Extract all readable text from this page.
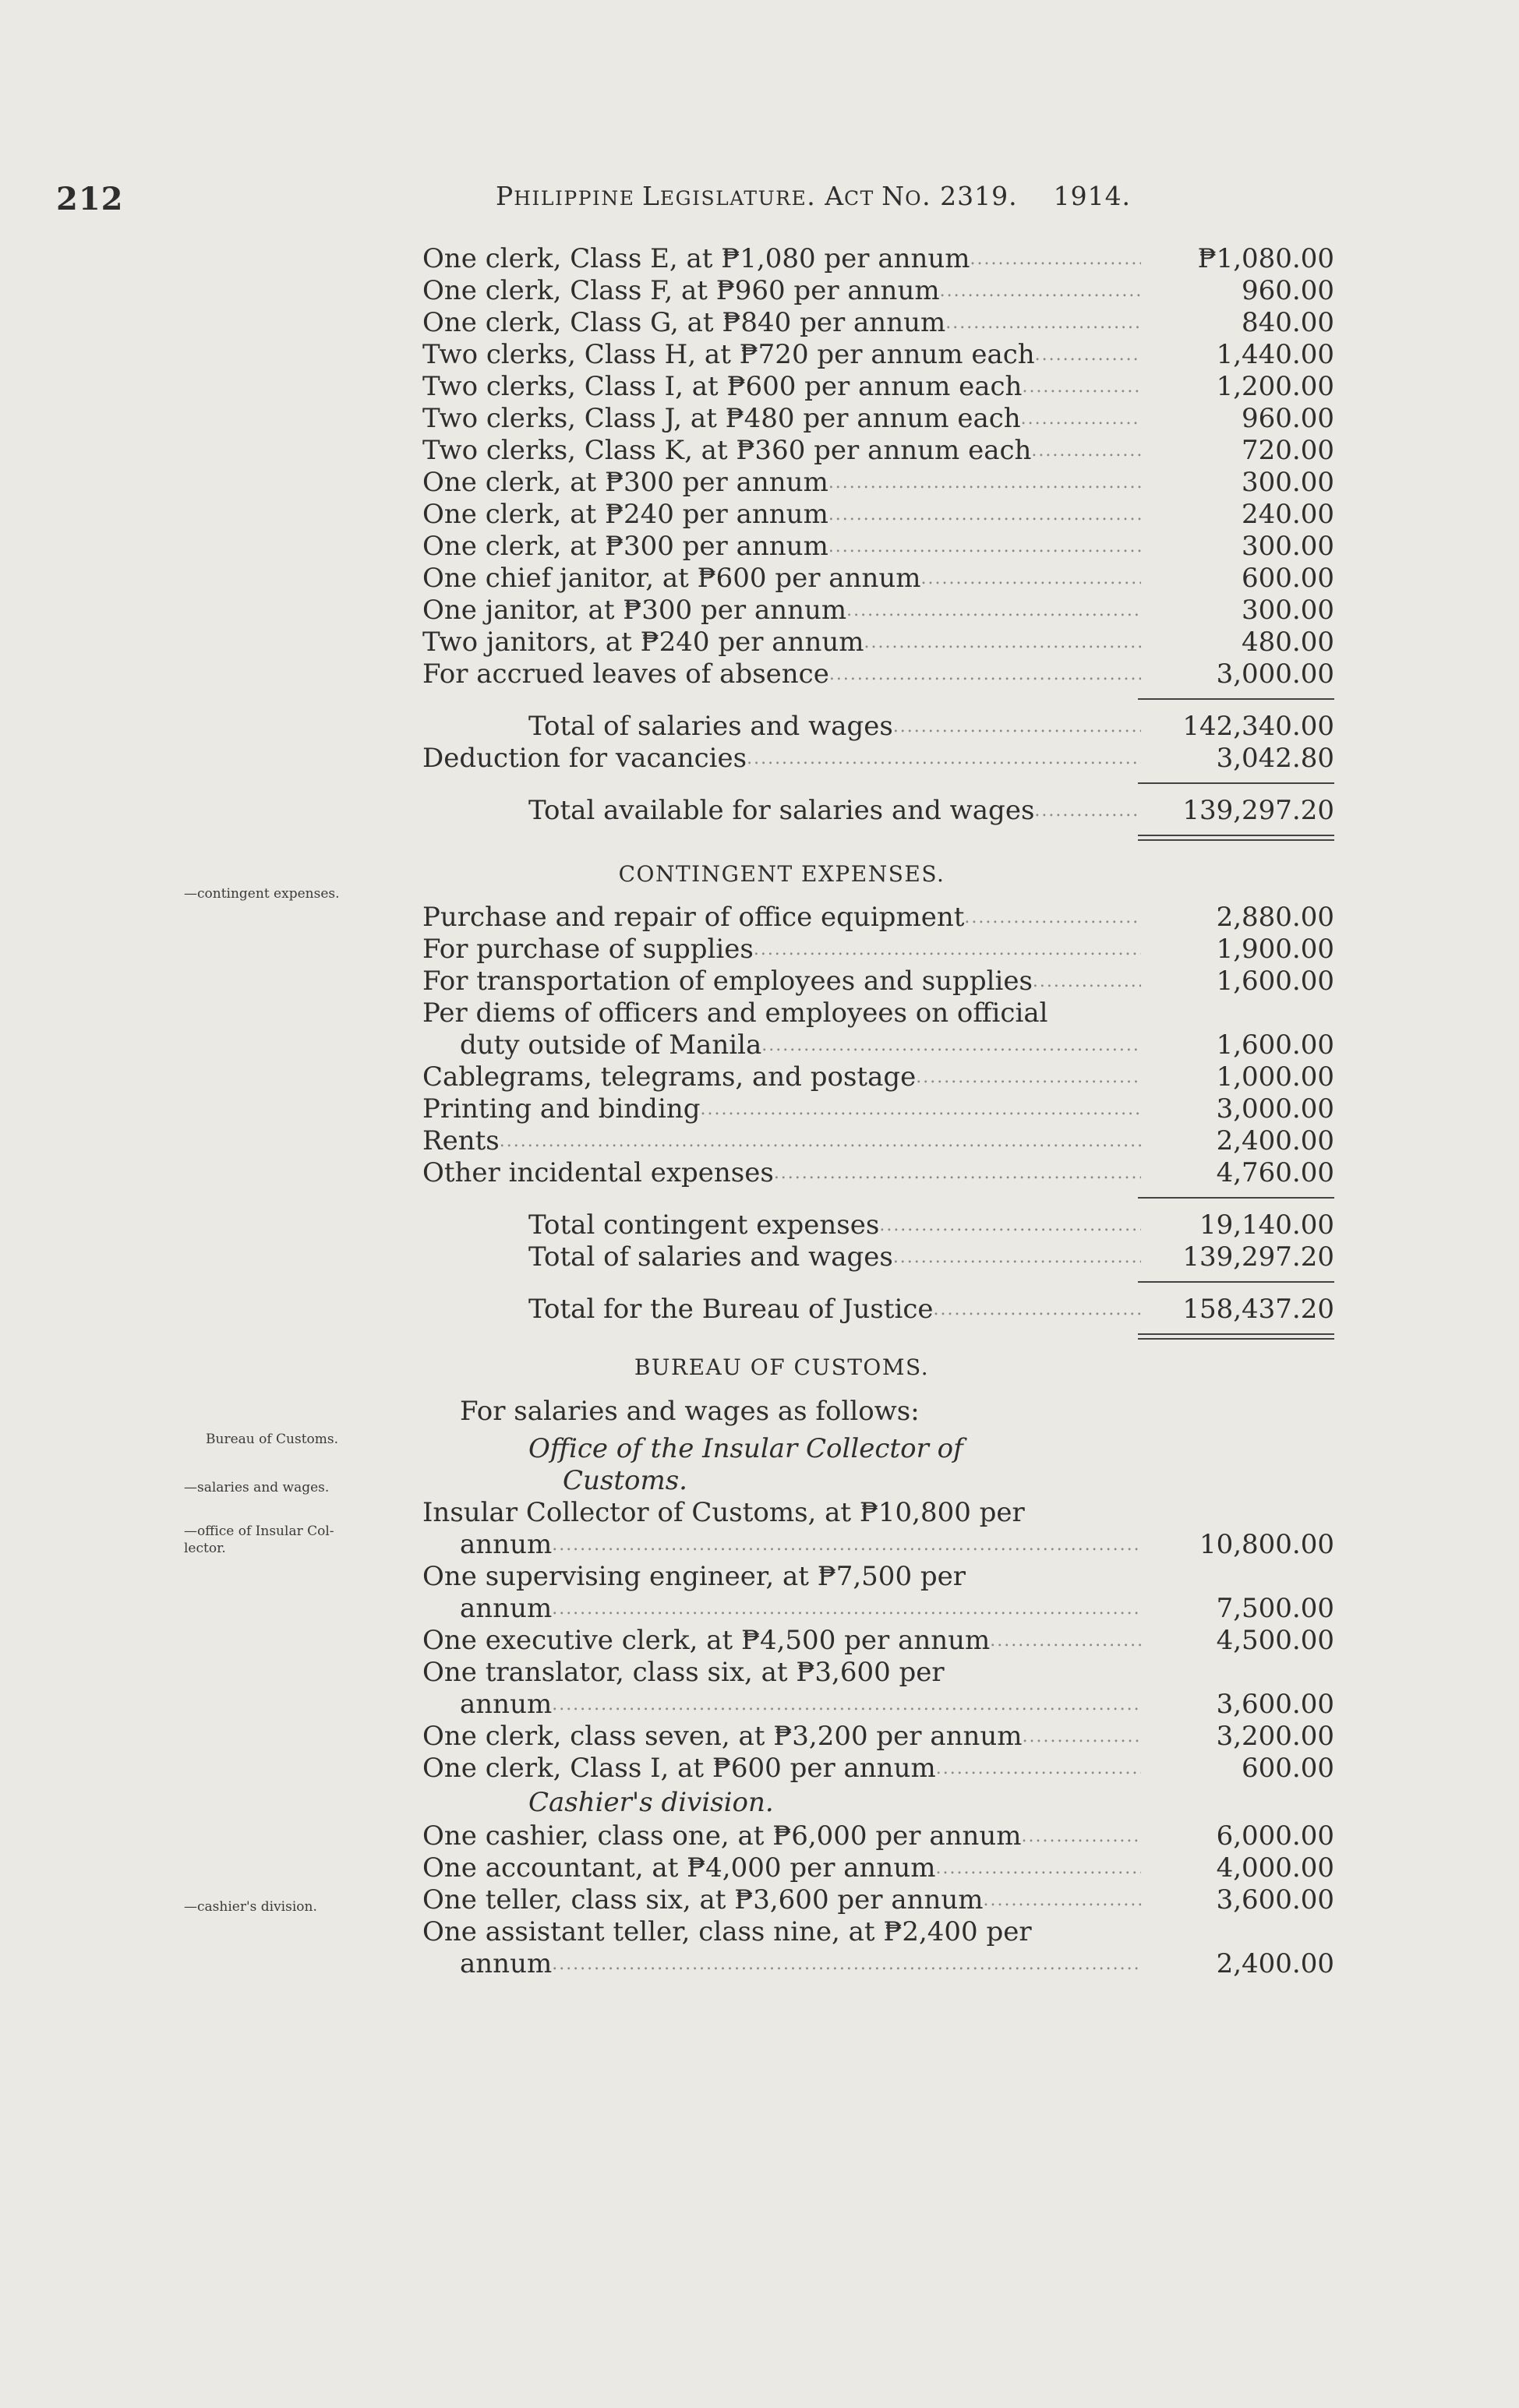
212	PHILIPPINE LEGISLATURE. ACT NO. 2319. 1914.
One clerk, Class E, at ₱1,080 per annum .....	₱1,080.00
One clerk, Class F, at ₱960 per annum .....	960.00
One clerk, Class G, at ₱840 per annum .....	840.00
Two clerks, Class H, at ₱720 per annum each .....	1,440.00
Two clerks, Class I, at ₱600 per annum each .....	1,200.00
Two clerks, Class J, at ₱480 per annum each .....	960.00
Two clerks, Class K, at ₱360 per annum each .....	720.00
One clerk, at ₱300 per annum .....	300.00
One clerk, at ₱240 per annum .....	240.00
One clerk, at ₱300 per annum .....	300.00
One chief janitor, at ₱600 per annum .....	600.00
One janitor, at ₱300 per annum .....	300.00
Two janitors, at ₱240 per annum .....	480.00
For accrued leaves of absence .....	3,000.00
Total of salaries and wages .....	142,340.00
Deduction for vacancies .....	3,042.80
Total available for salaries and wages .....	139,297.20
CONTINGENT EXPENSES.
Purchase and repair of office equipment .....	2,880.00
For purchase of supplies .....	1,900.00
For transportation of employees and supplies .....	1,600.00
Per diems of officers and employees on official
duty outside of Manila .....	1,600.00
Cablegrams, telegrams, and postage .....	1,000.00
Printing and binding .....	3,000.00
Rents .....	2,400.00
Other incidental expenses .....	4,760.00
Total contingent expenses .....	19,140.00
Total of salaries and wages .....	139,297.20
Total for the Bureau of Justice .....	158,437.20
BUREAU OF CUSTOMS.
For salaries and wages as follows:
Office of the Insular Collector of
Customs.
Insular Collector of Customs, at ₱10,800 per
annum .....	10,800.00
One supervising engineer, at ₱7,500 per
annum .....	7,500.00
One executive clerk, at ₱4,500 per annum .....	4,500.00
One translator, class six, at ₱3,600 per
annum .....	3,600.00
One clerk, class seven, at ₱3,200 per annum .....	3,200.00
One clerk, Class I, at ₱600 per annum .....	600.00
Cashier's division.
One cashier, class one, at ₱6,000 per annum .....	6,000.00
One accountant, at ₱4,000 per annum .....	4,000.00
One teller, class six, at ₱3,600 per annum .....	3,600.00
One assistant teller, class nine, at ₱2,400 per
annum .....	2,400.00
—contingent expenses.
Bureau of Customs.
—salaries and wages.
—office of Insular Col-
lector.
—cashier's division.
